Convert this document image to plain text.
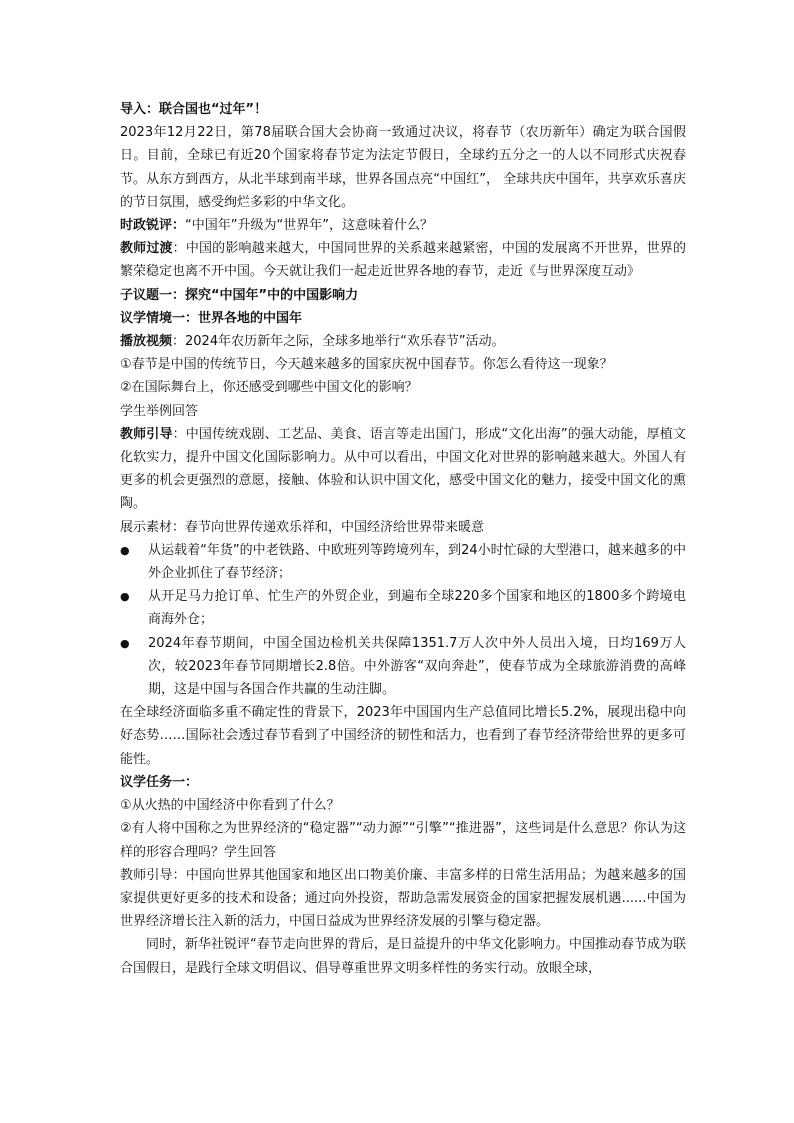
导入：联合国也“过年”！

2023年12月22日，第78届联合国大会协商一致通过决议，将春节（农历新年）确定为联合国假日。目前，全球已有近20个国家将春节定为法定节假日，全球约五分之一的人以不同形式庆祝春节。从东方到西方，从北半球到南半球，世界各国点亮“中国红”， 全球共庆中国年，共享欢乐喜庆的节日氛围，感受绚烂多彩的中华文化。

时政锐评：“中国年”升级为“世界年”，这意味着什么？

教师过渡：中国的影响越来越大，中国同世界的关系越来越紧密，中国的发展离不开世界，世界的繁荣稳定也离不开中国。今天就让我们一起走近世界各地的春节，走近《与世界深度互动》

子议题一：探究“中国年”中的中国影响力

议学情境一：世界各地的中国年

播放视频：2024年农历新年之际，全球多地举行“欢乐春节”活动。

①春节是中国的传统节日，今天越来越多的国家庆祝中国春节。你怎么看待这一现象？

②在国际舞台上，你还感受到哪些中国文化的影响？

学生举例回答

教师引导：中国传统戏剧、工艺品、美食、语言等走出国门，形成“文化出海”的强大动能，厚植文化软实力，提升中国文化国际影响力。从中可以看出，中国文化对世界的影响越来越大。外国人有更多的机会更强烈的意愿，接触、体验和认识中国文化，感受中国文化的魅力，接受中国文化的熏陶。

展示素材：春节向世界传递欢乐祥和，中国经济给世界带来暖意

●	从运载着“年货”的中老铁路、中欧班列等跨境列车，到24小时忙碌的大型港口，越来越多的中外企业抓住了春节经济；
●	从开足马力抢订单、忙生产的外贸企业，到遍布全球220多个国家和地区的1800多个跨境电商海外仓；
●	2024年春节期间，中国全国边检机关共保障1351.7万人次中外人员出入境，日均169万人次，较2023年春节同期增长2.8倍。中外游客“双向奔赴”，使春节成为全球旅游消费的高峰期，这是中国与各国合作共赢的生动注脚。

在全球经济面临多重不确定性的背景下，2023年中国国内生产总值同比增长5.2%，展现出稳中向好态势……国际社会透过春节看到了中国经济的韧性和活力，也看到了春节经济带给世界的更多可能性。

议学任务一：

①从火热的中国经济中你看到了什么？

②有人将中国称之为世界经济的“稳定器”“动力源”“引擎”“推进器”，这些词是什么意思？你认为这样的形容合理吗？学生回答

教师引导：中国向世界其他国家和地区出口物美价廉、丰富多样的日常生活用品；为越来越多的国家提供更好更多的技术和设备；通过向外投资，帮助急需发展资金的国家把握发展机遇......中国为世界经济增长注入新的活力，中国日益成为世界经济发展的引擎与稳定器。

同时，新华社锐评“春节走向世界的背后，是日益提升的中华文化影响力。中国推动春节成为联合国假日，是践行全球文明倡议、倡导尊重世界文明多样性的务实行动。放眼全球，
